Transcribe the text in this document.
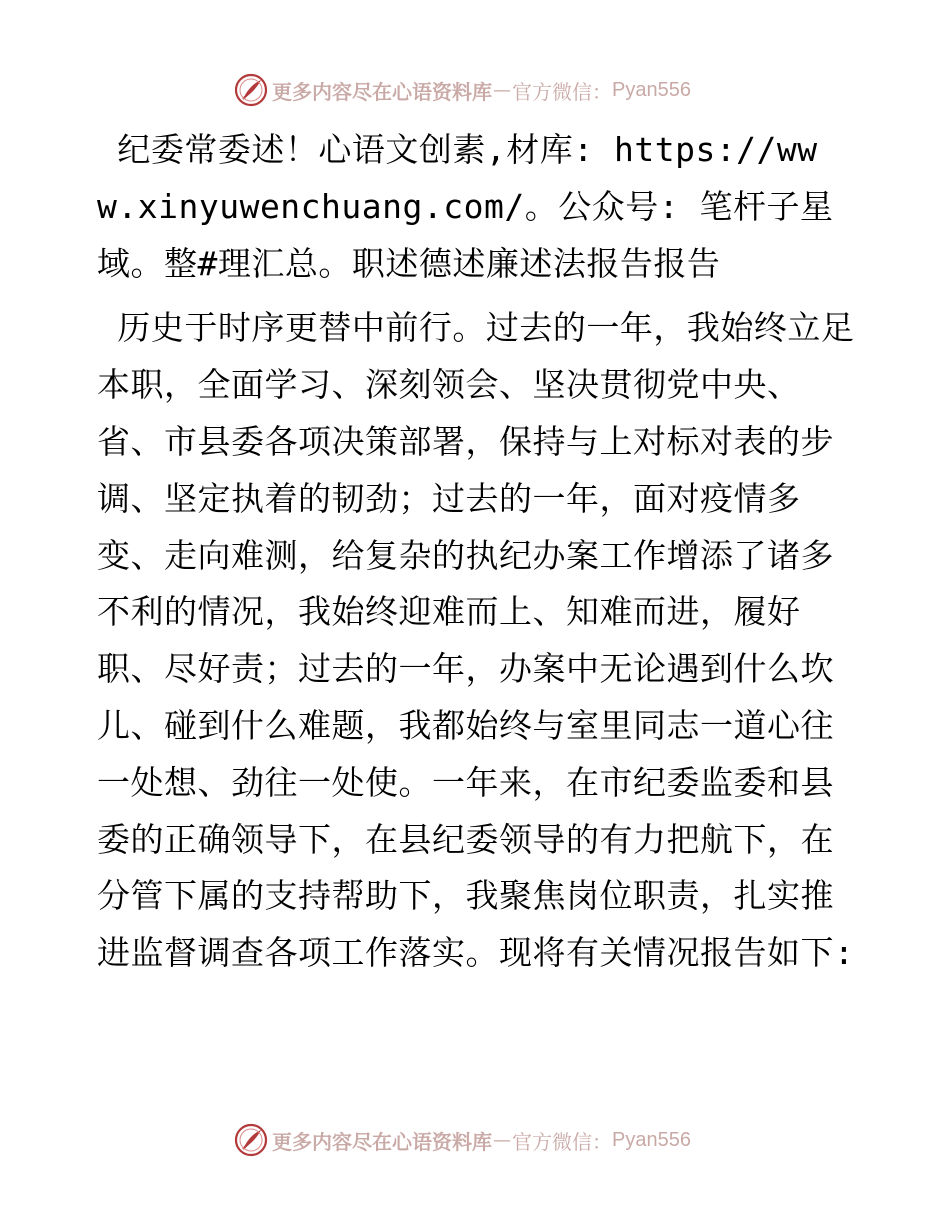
更多内容尽在心语资料库 — 官方微信： Pyan556

纪委常委述！心语文创素,材库: https://www.xinyuwenchuang.com/。公众号: 笔杆子星域。整#理汇总。职述德述廉述法报告报告

历史于时序更替中前行。过去的一年，我始终立足本职，全面学习、深刻领会、坚决贯彻党中央、省、市县委各项决策部署，保持与上对标对表的步调、坚定执着的韧劲；过去的一年，面对疫情多变、走向难测，给复杂的执纪办案工作增添了诸多不利的情况，我始终迎难而上、知难而进，履好职、尽好责；过去的一年，办案中无论遇到什么坎儿、碰到什么难题，我都始终与室里同志一道心往一处想、劲往一处使。一年来，在市纪委监委和县委的正确领导下，在县纪委领导的有力把航下，在分管下属的支持帮助下，我聚焦岗位职责，扎实推进监督调查各项工作落实。现将有关情况报告如下:

更多内容尽在心语资料库 — 官方微信： Pyan556
